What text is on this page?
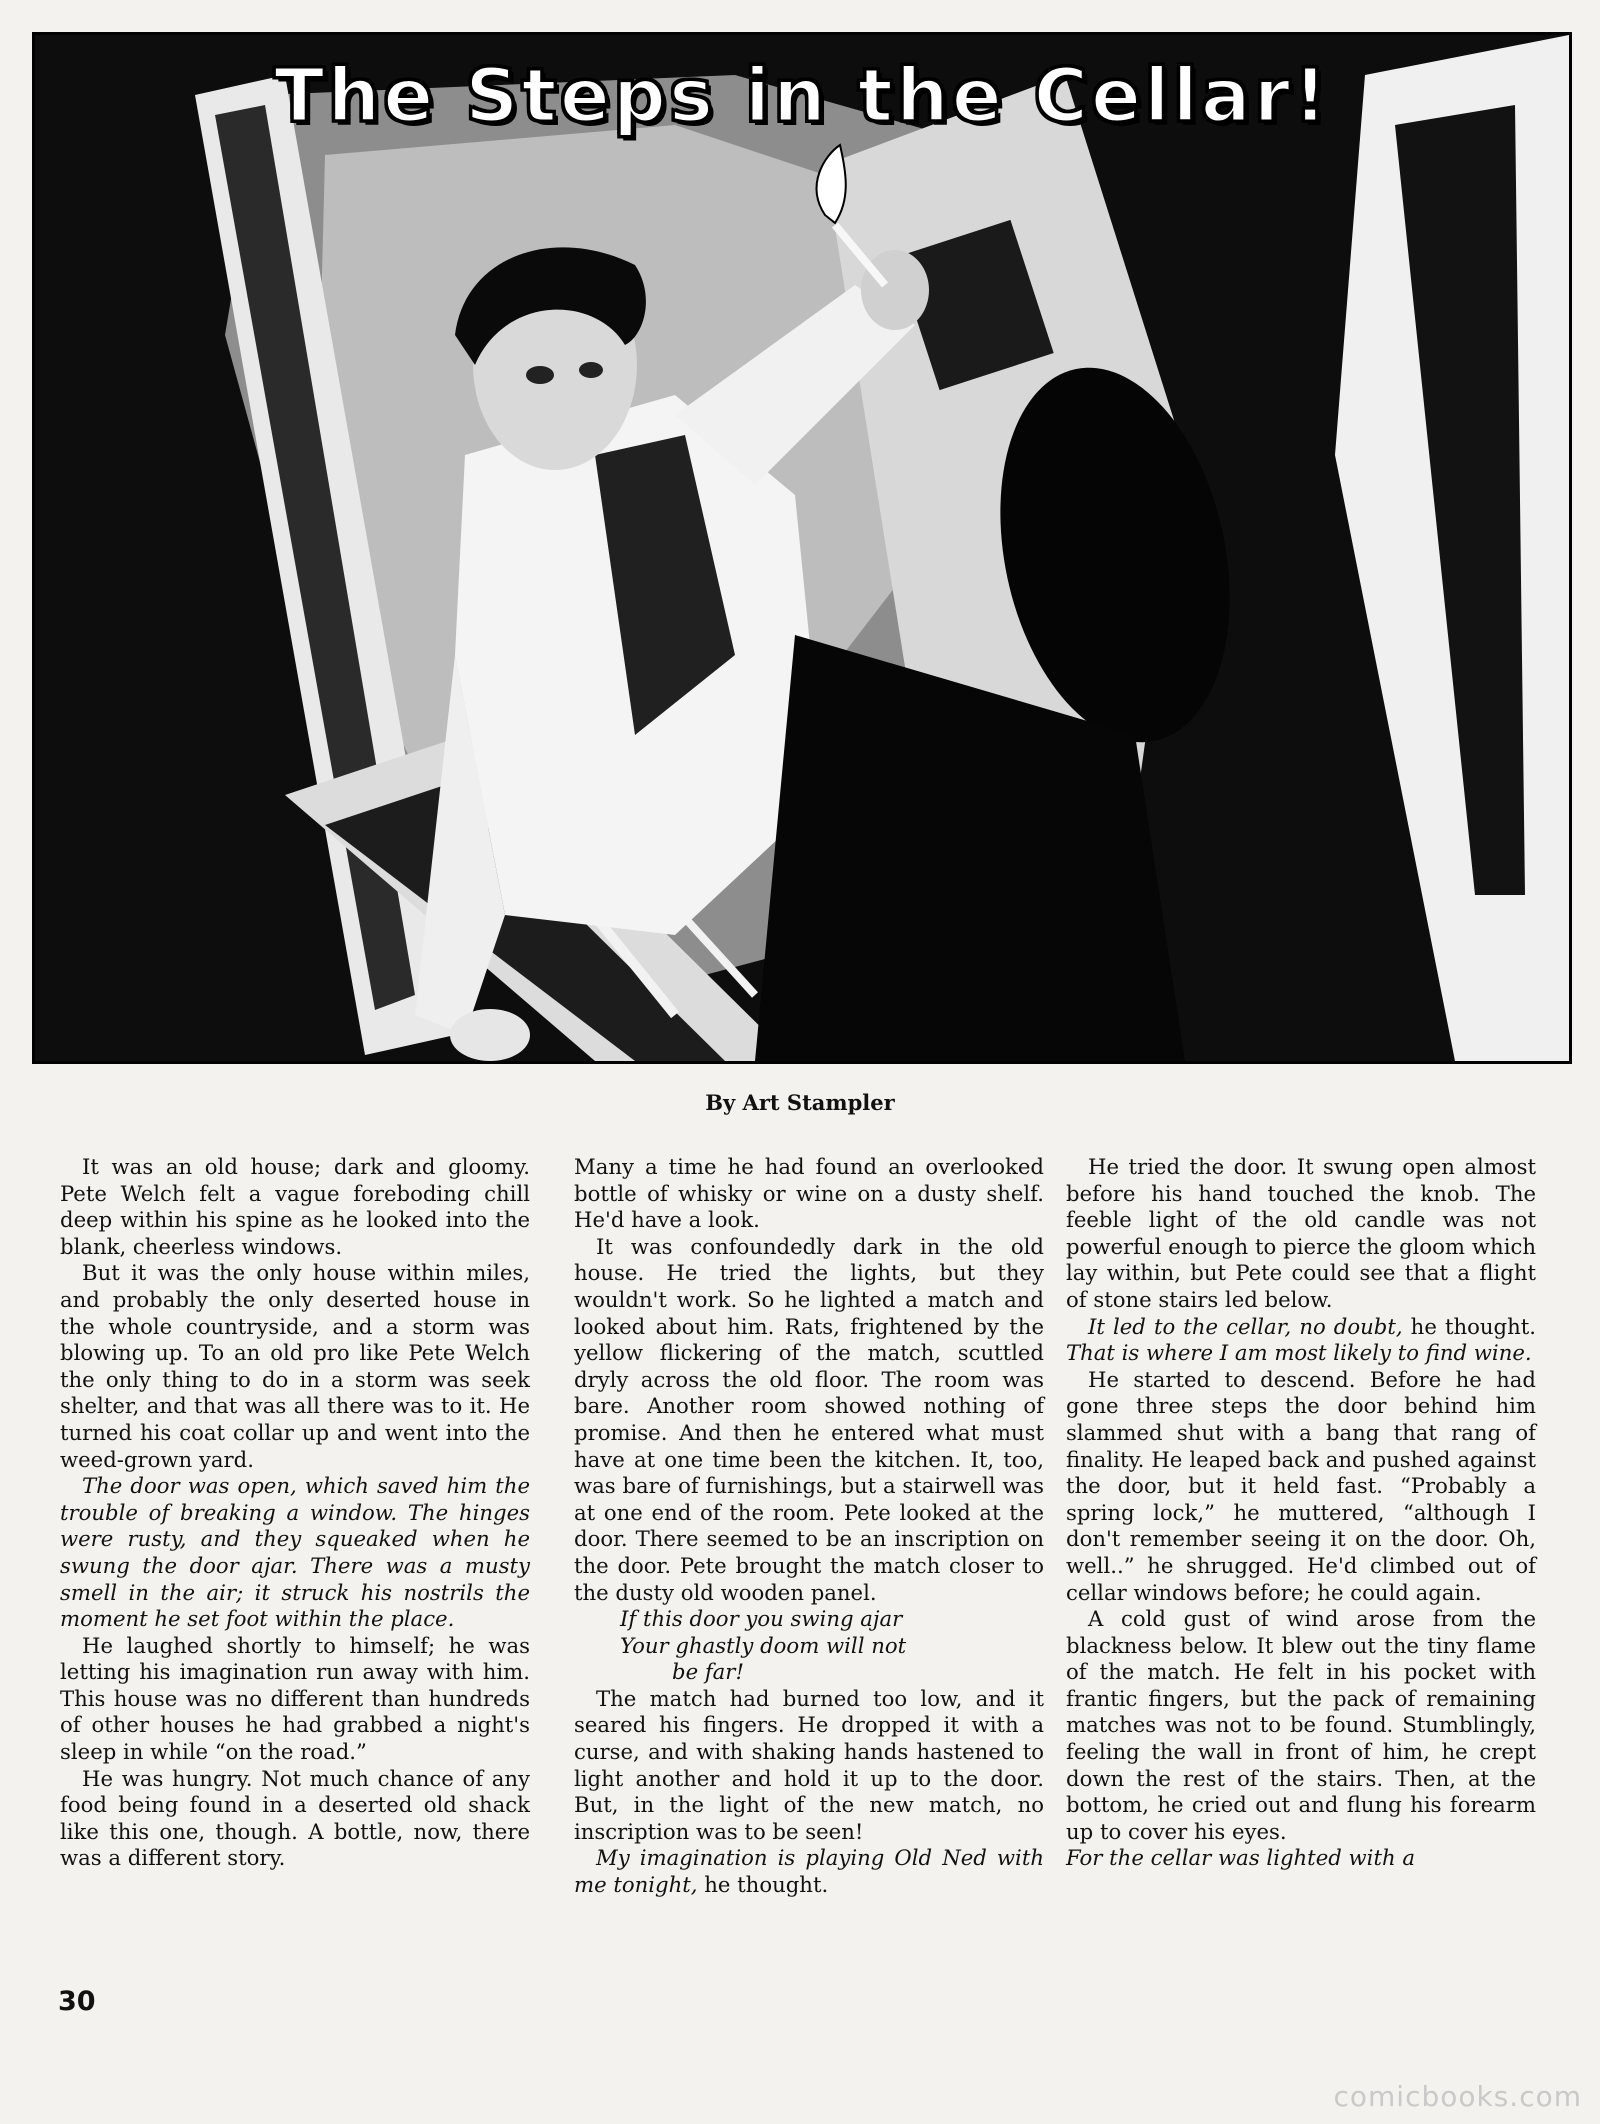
The Steps in the Cellar!

By Art Stampler

It was an old house; dark and gloomy. Pete Welch felt a vague foreboding chill deep within his spine as he looked into the blank, cheerless windows.

But it was the only house within miles, and probably the only deserted house in the whole countryside, and a storm was blowing up. To an old pro like Pete Welch the only thing to do in a storm was seek shelter, and that was all there was to it. He turned his coat collar up and went into the weed-grown yard.

The door was open, which saved him the trouble of breaking a window. The hinges were rusty, and they squeaked when he swung the door ajar. There was a musty smell in the air; it struck his nostrils the moment he set foot within the place.

He laughed shortly to himself; he was letting his imagination run away with him. This house was no different than hundreds of other houses he had grabbed a night's sleep in while “on the road.”

He was hungry. Not much chance of any food being found in a deserted old shack like this one, though. A bottle, now, there was a different story.

Many a time he had found an overlooked bottle of whisky or wine on a dusty shelf. He'd have a look.

It was confoundedly dark in the old house. He tried the lights, but they wouldn't work. So he lighted a match and looked about him. Rats, frightened by the yellow flickering of the match, scuttled dryly across the old floor. The room was bare. Another room showed nothing of promise. And then he entered what must have at one time been the kitchen. It, too, was bare of furnishings, but a stairwell was at one end of the room. Pete looked at the door. There seemed to be an inscription on the door. Pete brought the match closer to the dusty old wooden panel.

If this door you swing ajar
Your ghastly doom will not
be far!

The match had burned too low, and it seared his fingers. He dropped it with a curse, and with shaking hands hastened to light another and hold it up to the door. But, in the light of the new match, no inscription was to be seen!

My imagination is playing Old Ned with me tonight, he thought.

He tried the door. It swung open almost before his hand touched the knob. The feeble light of the old candle was not powerful enough to pierce the gloom which lay within, but Pete could see that a flight of stone stairs led below.

It led to the cellar, no doubt, he thought. That is where I am most likely to find wine.

He started to descend. Before he had gone three steps the door behind him slammed shut with a bang that rang of finality. He leaped back and pushed against the door, but it held fast. “Probably a spring lock,” he muttered, “although I don't remember seeing it on the door. Oh, well..” he shrugged. He'd climbed out of cellar windows before; he could again.

A cold gust of wind arose from the blackness below. It blew out the tiny flame of the match. He felt in his pocket with frantic fingers, but the pack of remaining matches was not to be found. Stumblingly, feeling the wall in front of him, he crept down the rest of the stairs. Then, at the bottom, he cried out and flung his forearm up to cover his eyes.

For the cellar was lighted with a

30

comicbooks.com
